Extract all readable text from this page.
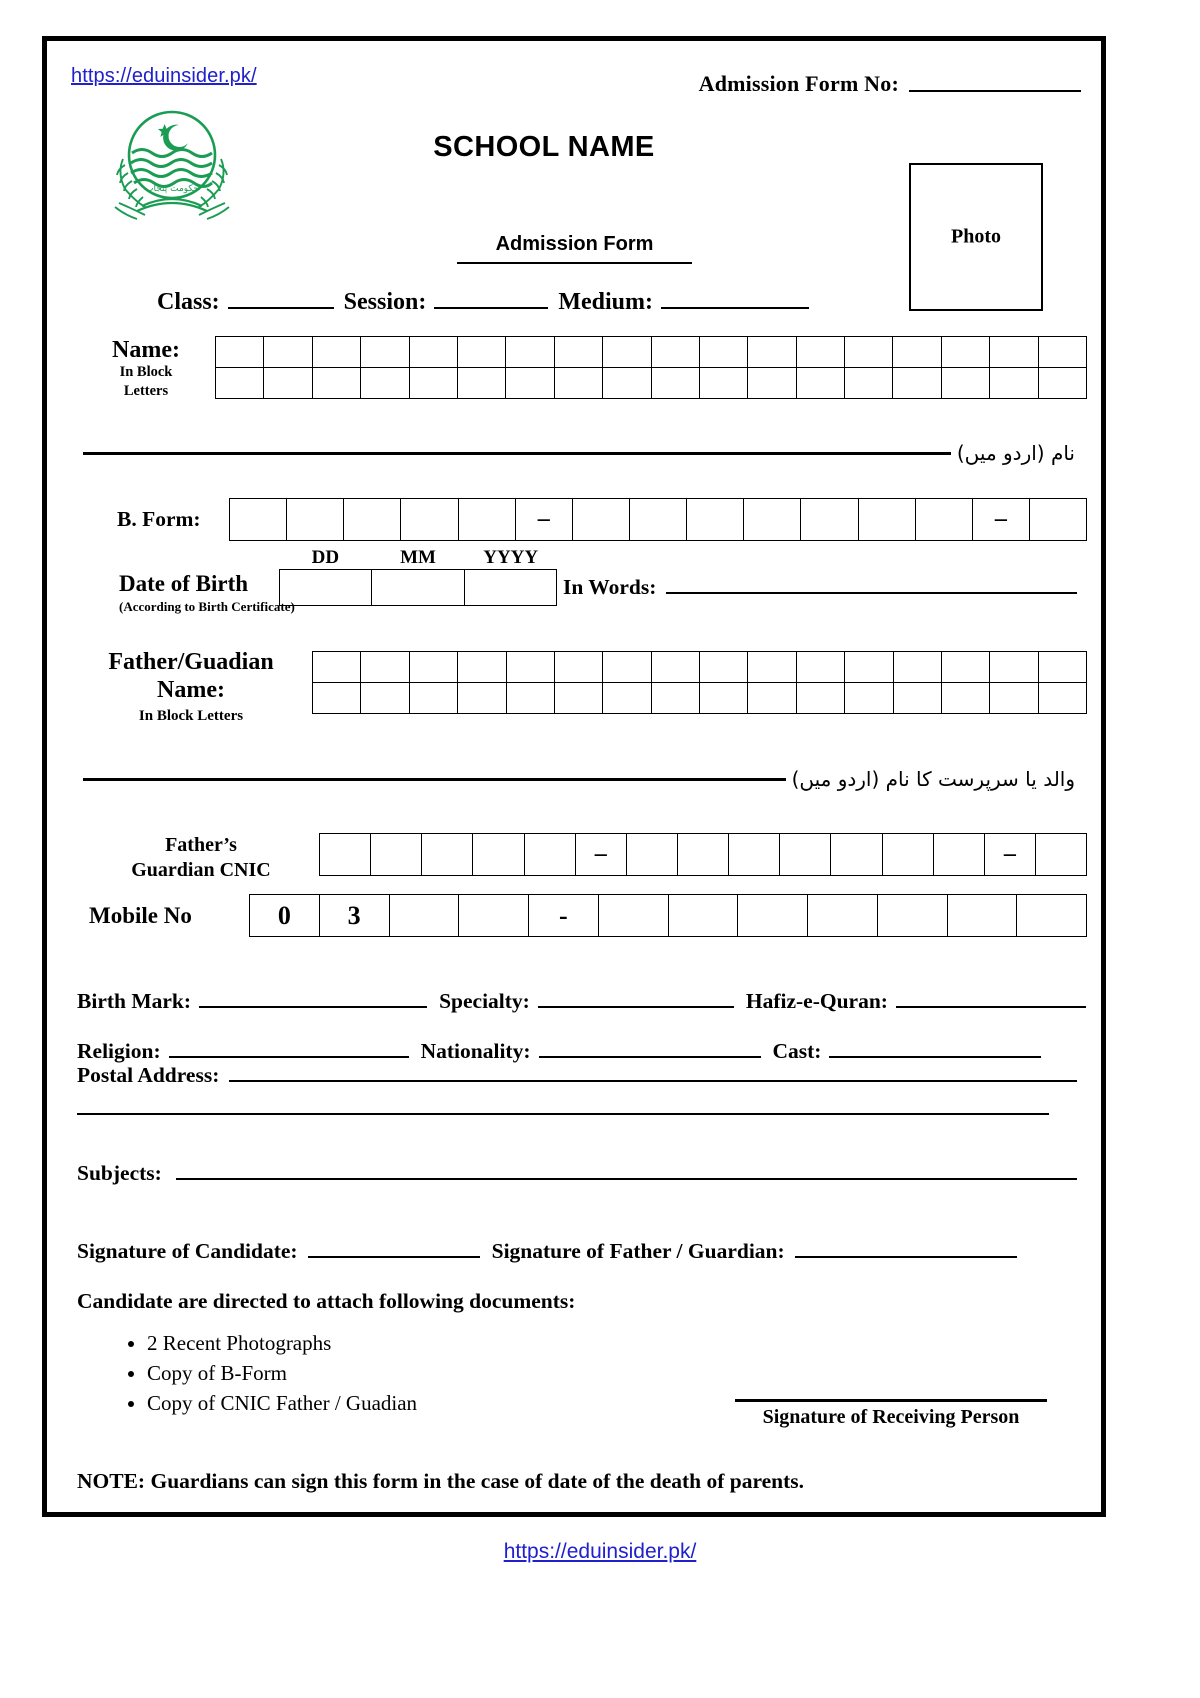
https://eduinsider.pk/	Admission Form No:
حکومت پنجاب
SCHOOL NAME
Admission Form	Photo
Class:	Session:	Medium:
Name:
In Block
Letters
نام (اردو میں)
B. Form:	–	–
DD	MM	YYYY
Date of Birth
(According to Birth Certificate)
In Words:
Father/Guadian
Name:
In Block Letters
والد یا سرپرست کا نام (اردو میں)
Father’s
Guardian CNIC
–	–
Mobile No	0	3	-
Birth Mark:	Specialty:	Hafiz-e-Quran:
Religion:	Nationality:	Cast:
Postal Address:
Subjects:
Signature of Candidate:	Signature of Father / Guardian:
Candidate are directed to attach following documents:
• 2 Recent Photographs
• Copy of B-Form
• Copy of CNIC Father / Guadian
Signature of Receiving Person
NOTE: Guardians can sign this form in the case of date of the death of parents.
https://eduinsider.pk/
